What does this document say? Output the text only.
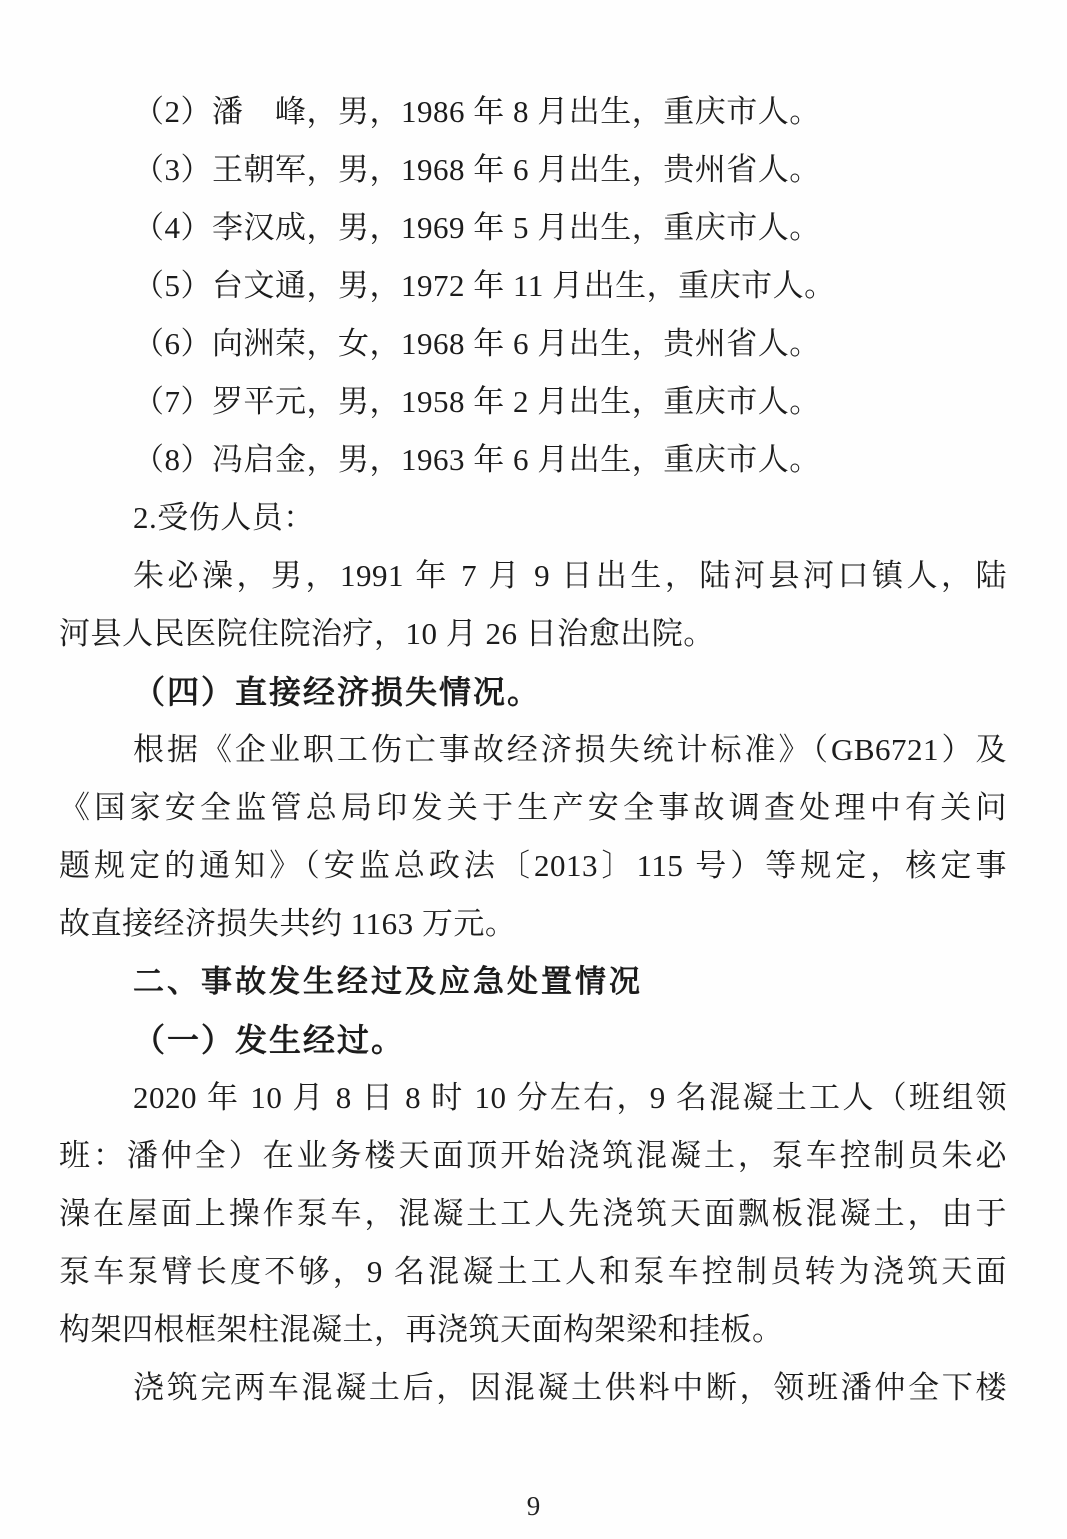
（2）潘　峰，男，1986 年 8 月出生，重庆市人。
（3）王朝军，男，1968 年 6 月出生，贵州省人。
（4）李汉成，男，1969 年 5 月出生，重庆市人。
（5）台文通，男，1972 年 11 月出生，重庆市人。
（6）向洲荣，女，1968 年 6 月出生，贵州省人。
（7）罗平元，男，1958 年 2 月出生，重庆市人。
（8）冯启金，男，1963 年 6 月出生，重庆市人。
2.受伤人员：
朱必澡，男，1991 年 7 月 9 日出生，陆河县河口镇人，陆
河县人民医院住院治疗，10 月 26 日治愈出院。
（四）直接经济损失情况。
根据《企业职工伤亡事故经济损失统计标准》（GB6721）及
《国家安全监管总局印发关于生产安全事故调查处理中有关问
题规定的通知》（安监总政法〔2013〕115 号）等规定，核定事
故直接经济损失共约 1163 万元。
二、事故发生经过及应急处置情况
（一）发生经过。
2020 年 10 月 8 日 8 时 10 分左右，9 名混凝土工人（班组领
班：潘仲全）在业务楼天面顶开始浇筑混凝土，泵车控制员朱必
澡在屋面上操作泵车，混凝土工人先浇筑天面飘板混凝土，由于
泵车泵臂长度不够，9 名混凝土工人和泵车控制员转为浇筑天面
构架四根框架柱混凝土，再浇筑天面构架梁和挂板。
浇筑完两车混凝土后，因混凝土供料中断，领班潘仲全下楼
9
